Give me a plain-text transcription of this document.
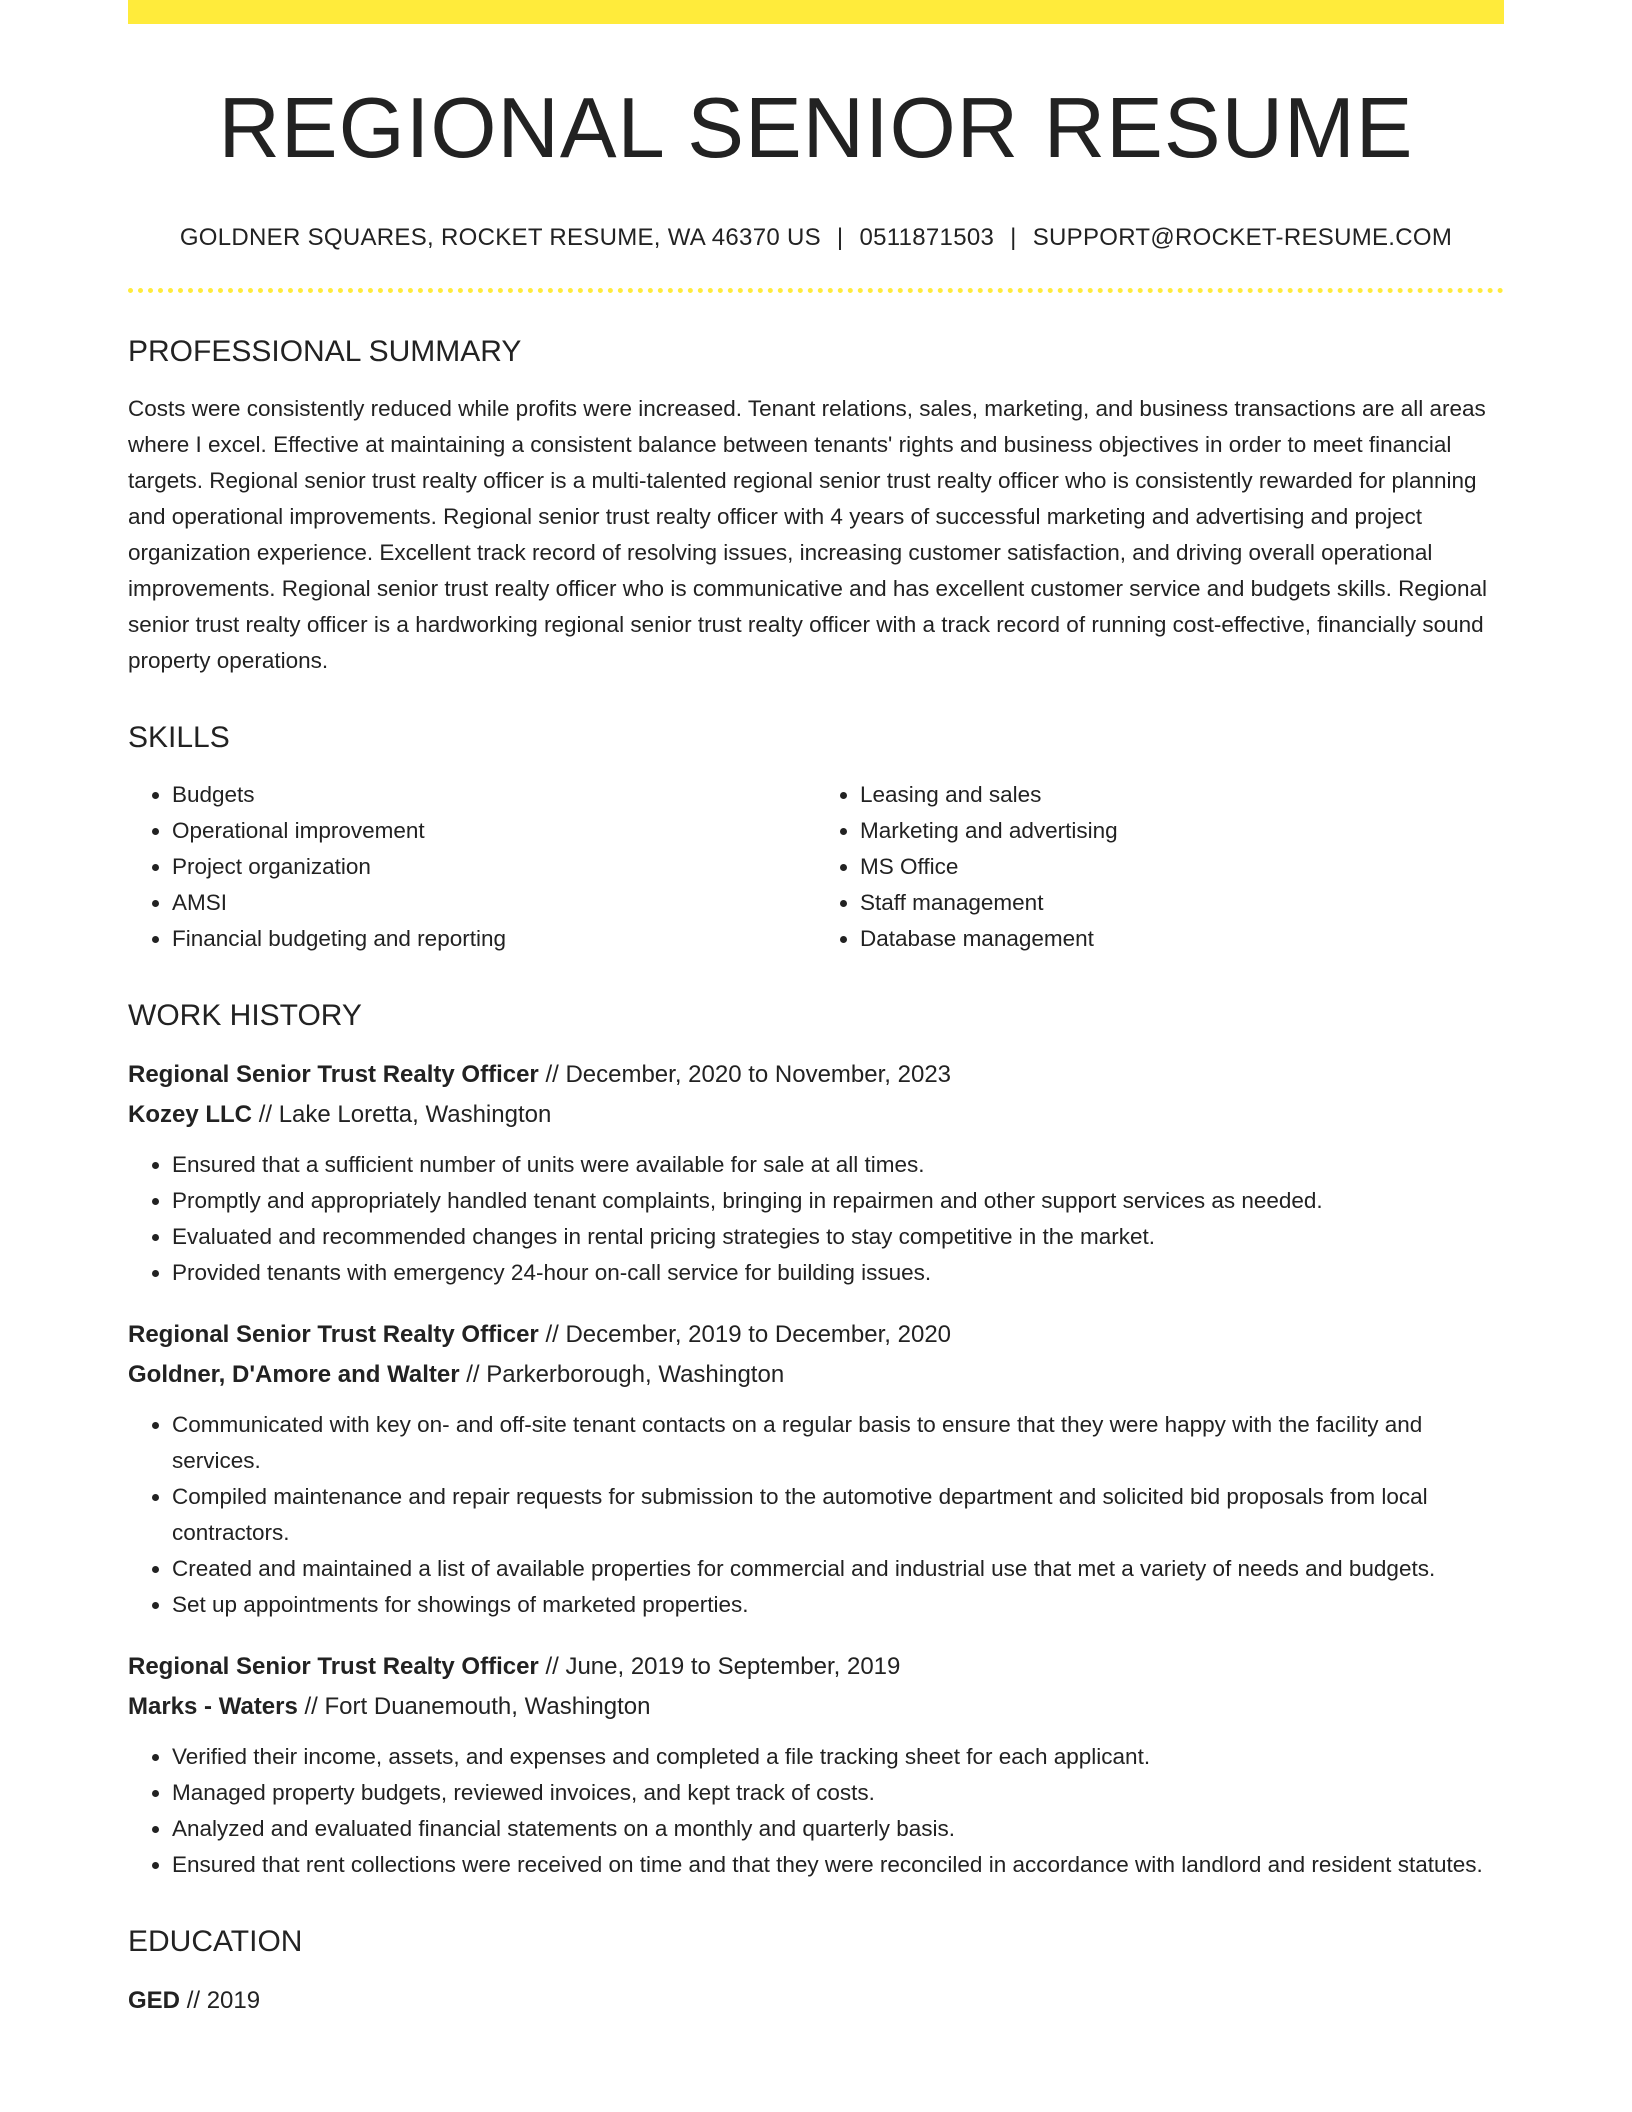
REGIONAL SENIOR RESUME
GOLDNER SQUARES, ROCKET RESUME, WA 46370 US | 0511871503 | SUPPORT@ROCKET-RESUME.COM
PROFESSIONAL SUMMARY

Costs were consistently reduced while profits were increased. Tenant relations, sales, marketing, and business transactions are all areas where I excel. Effective at maintaining a consistent balance between tenants' rights and business objectives in order to meet financial targets. Regional senior trust realty officer is a multi-talented regional senior trust realty officer who is consistently rewarded for planning and operational improvements. Regional senior trust realty officer with 4 years of successful marketing and advertising and project organization experience. Excellent track record of resolving issues, increasing customer satisfaction, and driving overall operational improvements. Regional senior trust realty officer who is communicative and has excellent customer service and budgets skills. Regional senior trust realty officer is a hardworking regional senior trust realty officer with a track record of running cost-effective, financially sound property operations.

SKILLS
• Budgets
• Operational improvement
• Project organization
• AMSI
• Financial budgeting and reporting
• Leasing and sales
• Marketing and advertising
• MS Office
• Staff management
• Database management
WORK HISTORY
Regional Senior Trust Realty Officer // December, 2020 to November, 2023
Kozey LLC // Lake Loretta, Washington
• Ensured that a sufficient number of units were available for sale at all times.
• Promptly and appropriately handled tenant complaints, bringing in repairmen and other support services as needed.
• Evaluated and recommended changes in rental pricing strategies to stay competitive in the market.
• Provided tenants with emergency 24-hour on-call service for building issues.
Regional Senior Trust Realty Officer // December, 2019 to December, 2020
Goldner, D'Amore and Walter // Parkerborough, Washington
• Communicated with key on- and off-site tenant contacts on a regular basis to ensure that they were happy with the facility and services.
• Compiled maintenance and repair requests for submission to the automotive department and solicited bid proposals from local contractors.
• Created and maintained a list of available properties for commercial and industrial use that met a variety of needs and budgets.
• Set up appointments for showings of marketed properties.
Regional Senior Trust Realty Officer // June, 2019 to September, 2019
Marks - Waters // Fort Duanemouth, Washington
• Verified their income, assets, and expenses and completed a file tracking sheet for each applicant.
• Managed property budgets, reviewed invoices, and kept track of costs.
• Analyzed and evaluated financial statements on a monthly and quarterly basis.
• Ensured that rent collections were received on time and that they were reconciled in accordance with landlord and resident statutes.
EDUCATION
GED // 2019
